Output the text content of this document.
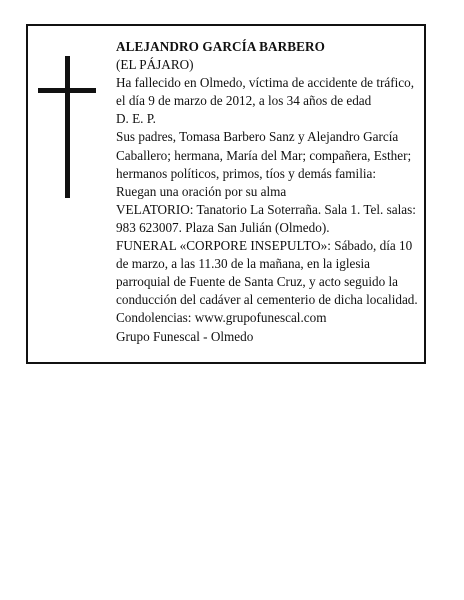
ALEJANDRO GARCÍA BARBERO

(EL PÁJARO)

Ha fallecido en Olmedo, víctima de accidente de tráfico, el día 9 de marzo de 2012, a los 34 años de edad

D. E. P.

Sus padres, Tomasa Barbero Sanz y Alejandro García Caballero; hermana, María del Mar; compañera, Esther; hermanos políticos, primos, tíos y demás familia:

Ruegan una oración por su alma

VELATORIO: Tanatorio La Soterraña. Sala 1. Tel. salas: 983 623007. Plaza San Julián (Olmedo).

FUNERAL «CORPORE INSEPULTO»: Sábado, día 10 de marzo, a las 11.30 de la mañana, en la iglesia parroquial de Fuente de Santa Cruz, y acto seguido la conducción del cadáver al cementerio de dicha localidad.

Condolencias: www.grupofunescal.com

Grupo Funescal - Olmedo
